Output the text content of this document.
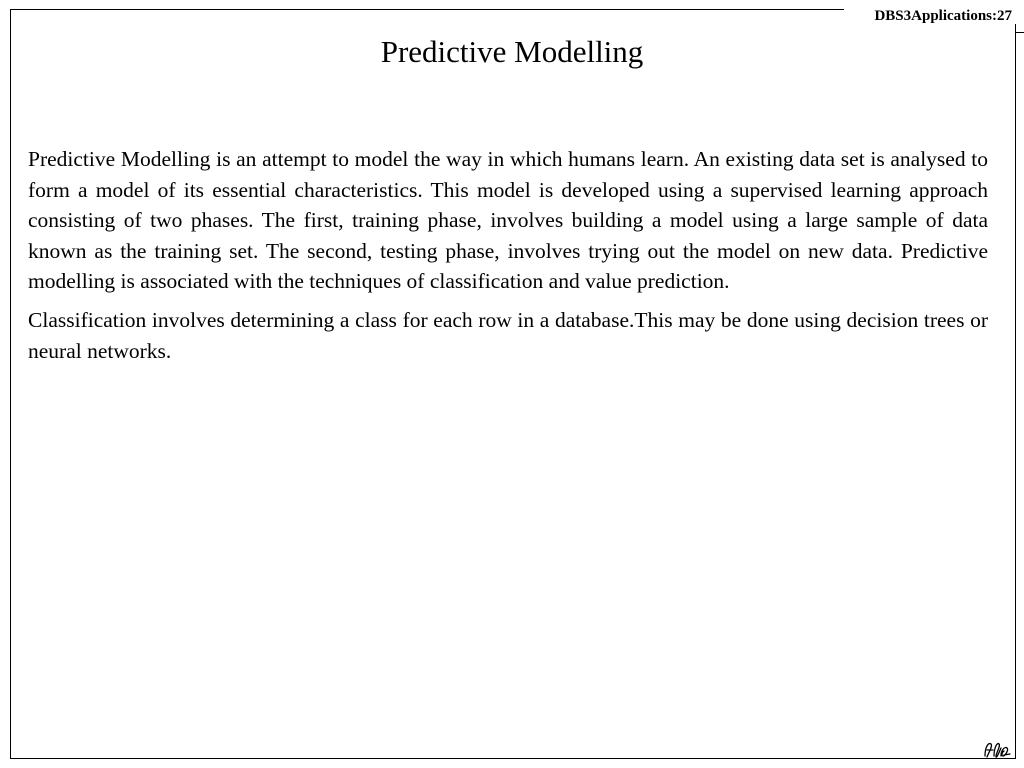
DBS3Applications:27
Predictive Modelling

Predictive Modelling is an attempt to model the way in which humans learn. An existing data set is analysed to form a model of its essential characteristics. This model is developed using a supervised learning approach consisting of two phases. The first, training phase, involves building a model using a large sample of data known as the training set. The second, testing phase, involves trying out the model on new data. Predictive modelling is associated with the techniques of classification and value prediction.

Classification involves determining a class for each row in a database.This may be done using decision trees or neural networks.
